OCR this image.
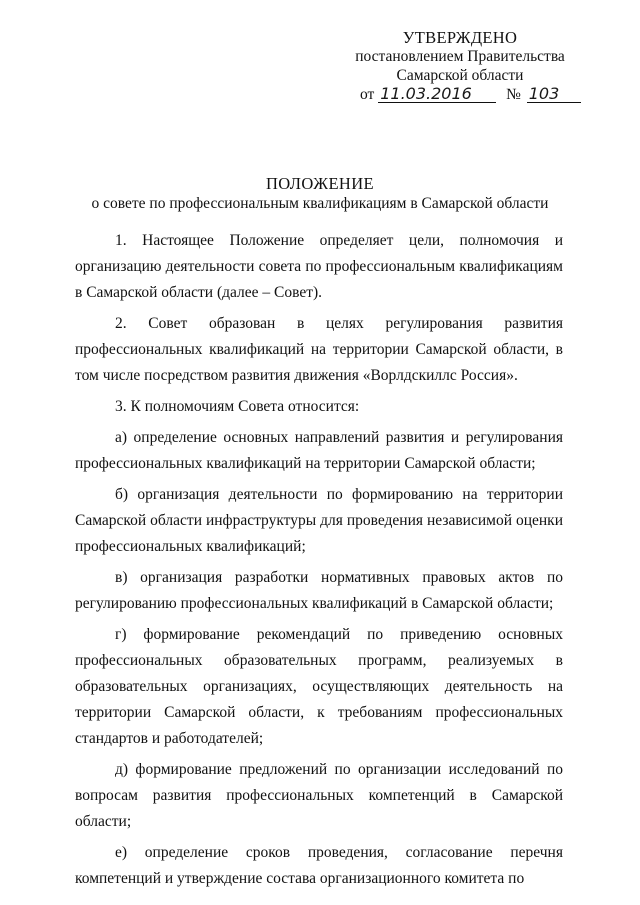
УТВЕРЖДЕНО
постановлением Правительства
Самарской области
от 11.03.2016 № 103
ПОЛОЖЕНИЕ
о совете по профессиональным квалификациям в Самарской области

1. Настоящее Положение определяет цели, полномочия и организацию деятельности совета по профессиональным квалификациям в Самарской области (далее – Совет).

2. Совет образован в целях регулирования развития профессиональных квалификаций на территории Самарской области, в том числе посредством развития движения «Ворлдскиллс Россия».

3. К полномочиям Совета относится:

а) определение основных направлений развития и регулирования профессиональных квалификаций на территории Самарской области;

б) организация деятельности по формированию на территории Самарской области инфраструктуры для проведения независимой оценки профессиональных квалификаций;

в) организация разработки нормативных правовых актов по регулированию профессиональных квалификаций в Самарской области;

г) формирование рекомендаций по приведению основных профессиональных образовательных программ, реализуемых в образовательных организациях, осуществляющих деятельность на территории Самарской области, к требованиям профессиональных стандартов и работодателей;

д) формирование предложений по организации исследований по вопросам развития профессиональных компетенций в Самарской области;

е) определение сроков проведения, согласование перечня компетенций и утверждение состава организационного комитета по
